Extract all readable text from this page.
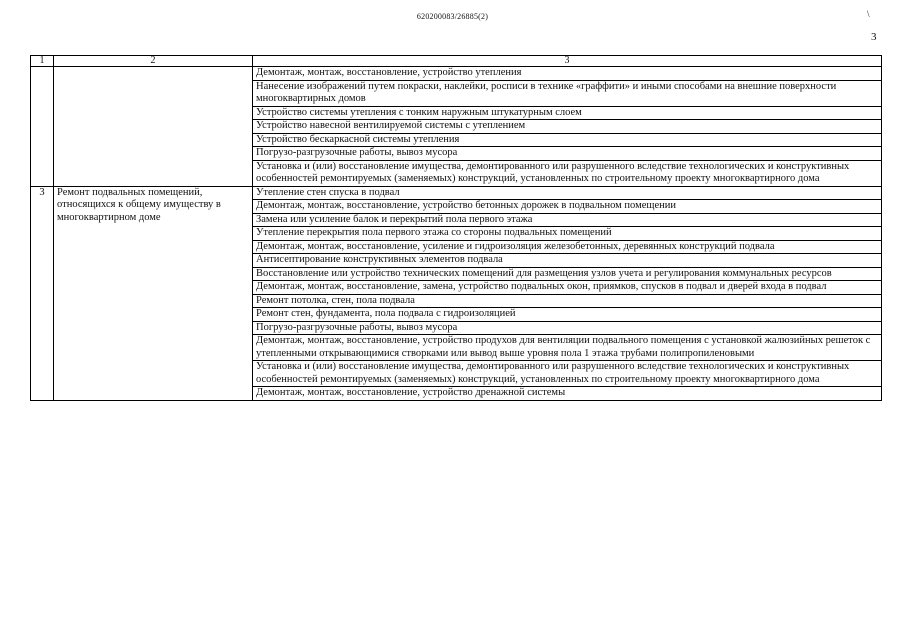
620200083/26885(2)	\
3
1	2	3
		Демонтаж, монтаж, восстановление, устройство утепления
		Нанесение изображений путем покраски, наклейки, росписи в технике «граффити» и иными способами на внешние поверхности многоквартирных домов
		Устройство системы утепления с тонким наружным штукатурным слоем
		Устройство навесной вентилируемой системы с утеплением
		Устройство бескаркасной системы утепления
		Погрузо-разгрузочные работы, вывоз мусора
		Установка и (или) восстановление имущества, демонтированного или разрушенного вследствие технологических и конструктивных особенностей ремонтируемых (заменяемых) конструкций, установленных по строительному проекту многоквартирного дома
3	Ремонт подвальных помещений, относящихся к общему имуществу в многоквартирном доме	Утепление стен спуска в подвал
		Демонтаж, монтаж, восстановление, устройство бетонных дорожек в подвальном помещении
		Замена или усиление балок и перекрытий пола первого этажа
		Утепление перекрытия пола первого этажа со стороны подвальных помещений
		Демонтаж, монтаж, восстановление, усиление и гидроизоляция железобетонных, деревянных конструкций подвала
		Антисептирование конструктивных элементов подвала
		Восстановление или устройство технических помещений для размещения узлов учета и регулирования коммунальных ресурсов
		Демонтаж, монтаж, восстановление, замена, устройство подвальных окон, приямков, спусков в подвал и дверей входа в подвал
		Ремонт потолка, стен, пола подвала
		Ремонт стен, фундамента, пола подвала с гидроизоляцией
		Погрузо-разгрузочные работы, вывоз мусора
		Демонтаж, монтаж, восстановление, устройство продухов для вентиляции подвального помещения с установкой жалюзийных решеток с утепленными открывающимися створками или вывод выше уровня пола 1 этажа трубами полипропиленовыми
		Установка и (или) восстановление имущества, демонтированного или разрушенного вследствие технологических и конструктивных особенностей ремонтируемых (заменяемых) конструкций, установленных по строительному проекту многоквартирного дома
		Демонтаж, монтаж, восстановление, устройство дренажной системы
